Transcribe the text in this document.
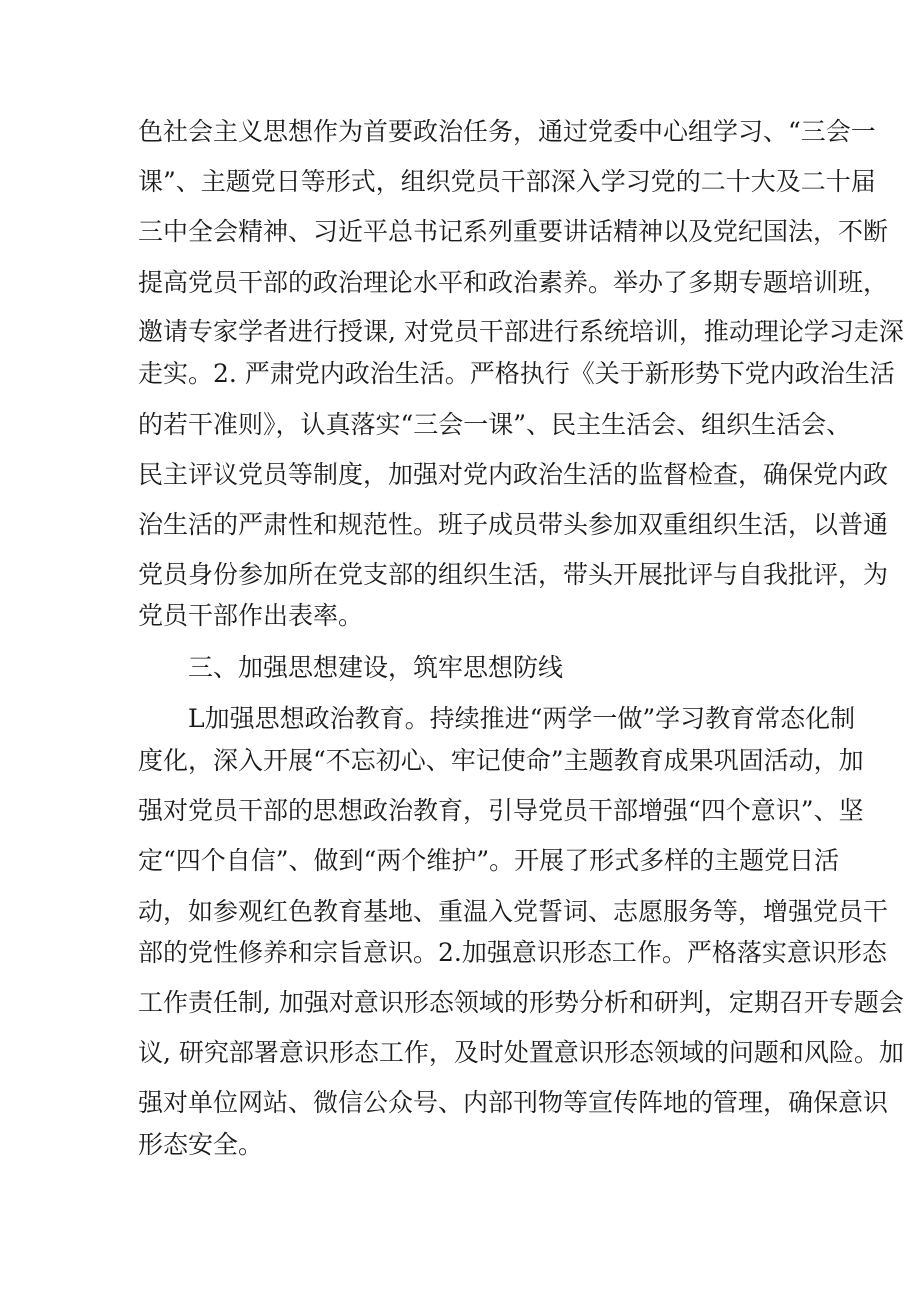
色社会主义思想作为首要政治任务，通过党委中心组学习、“三会一
课”、主题党日等形式，组织党员干部深入学习党的二十大及二十届
三中全会精神、习近平总书记系列重要讲话精神以及党纪国法，不断
提高党员干部的政治理论水平和政治素养。举办了多期专题培训班，
邀请专家学者进行授课, 对党员干部进行系统培训，推动理论学习走深
走实。2. 严肃党内政治生活。严格执行《关于新形势下党内政治生活
的若干准则》，认真落实“三会一课”、民主生活会、组织生活会、
民主评议党员等制度，加强对党内政治生活的监督检查，确保党内政
治生活的严肃性和规范性。班子成员带头参加双重组织生活，以普通
党员身份参加所在党支部的组织生活，带头开展批评与自我批评，为
党员干部作出表率。
三、加强思想建设，筑牢思想防线
L加强思想政治教育。持续推进“两学一做”学习教育常态化制
度化，深入开展“不忘初心、牢记使命”主题教育成果巩固活动，加
强对党员干部的思想政治教育，引导党员干部增强“四个意识”、坚
定“四个自信”、做到“两个维护”。开展了形式多样的主题党日活
动，如参观红色教育基地、重温入党誓词、志愿服务等，增强党员干
部的党性修养和宗旨意识。2.加强意识形态工作。严格落实意识形态
工作责任制, 加强对意识形态领域的形势分析和研判，定期召开专题会
议, 研究部署意识形态工作，及时处置意识形态领域的问题和风险。加
强对单位网站、微信公众号、内部刊物等宣传阵地的管理，确保意识
形态安全。
